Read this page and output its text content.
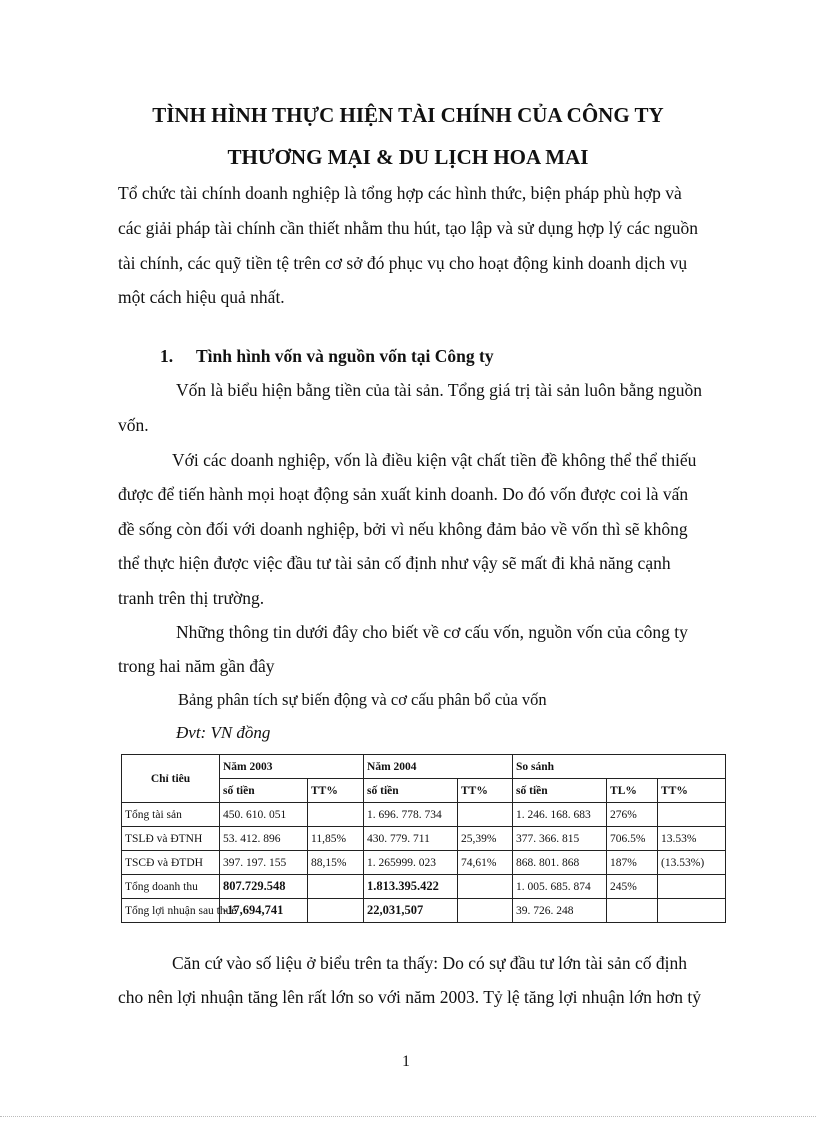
TÌNH HÌNH THỰC HIỆN TÀI CHÍNH CỦA CÔNG TY
THƯƠNG MẠI & DU LỊCH HOA MAI
Tổ chức tài chính doanh nghiệp là tổng hợp các hình thức, biện pháp phù hợp và
các giải pháp tài chính cần thiết nhằm thu hút, tạo lập và sử dụng hợp lý các nguồn
tài chính, các quỹ tiền tệ trên cơ sở đó phục vụ cho hoạt động kinh doanh dịch vụ
một cách hiệu quả nhất.
1. Tình hình vốn và nguồn vốn tại Công ty
Vốn là biểu hiện bằng tiền của tài sản. Tổng giá trị tài sản luôn bằng nguồn
vốn.
Với các doanh nghiệp, vốn là điều kiện vật chất tiền đề không thể thể thiếu
được để tiến hành mọi hoạt động sản xuất kinh doanh. Do đó vốn được coi là vấn
đề sống còn đối với doanh nghiệp, bởi vì nếu không đảm bảo về vốn thì sẽ không
thể thực hiện được việc đầu tư tài sản cố định như vậy sẽ mất đi khả năng cạnh
tranh trên thị trường.
Những thông tin dưới đây cho biết về cơ cấu vốn, nguồn vốn của công ty
trong hai năm gần đây
Bảng phân tích sự biến động và cơ cấu phân bổ của vốn
Đvt: VN đồng
Chỉ tiêu	Năm 2003		Năm 2004		So sánh		
	số tiền	TT%	số tiền	TT%	số tiền	TL%	TT%
Tổng tài sản	450. 610. 051		1. 696. 778. 734		1. 246. 168. 683	276%	
TSLĐ và ĐTNH	53. 412. 896	11,85%	430. 779. 711	25,39%	377. 366. 815	706.5%	13.53%
TSCĐ và ĐTDH	397. 197. 155	88,15%	1. 265999. 023	74,61%	868. 801. 868	187%	(13.53%)
Tổng doanh thu	807.729.548		1.813.395.422		1. 005. 685. 874	245%	
Tổng lợi nhuận sau thuế	-17,694,741		22,031,507		39. 726. 248		
Căn cứ vào số liệu ở biểu trên ta thấy: Do có sự đầu tư lớn tài sản cố định
cho nên lợi nhuận tăng lên rất lớn so với năm 2003. Tỷ lệ tăng lợi nhuận lớn hơn tỷ
1
